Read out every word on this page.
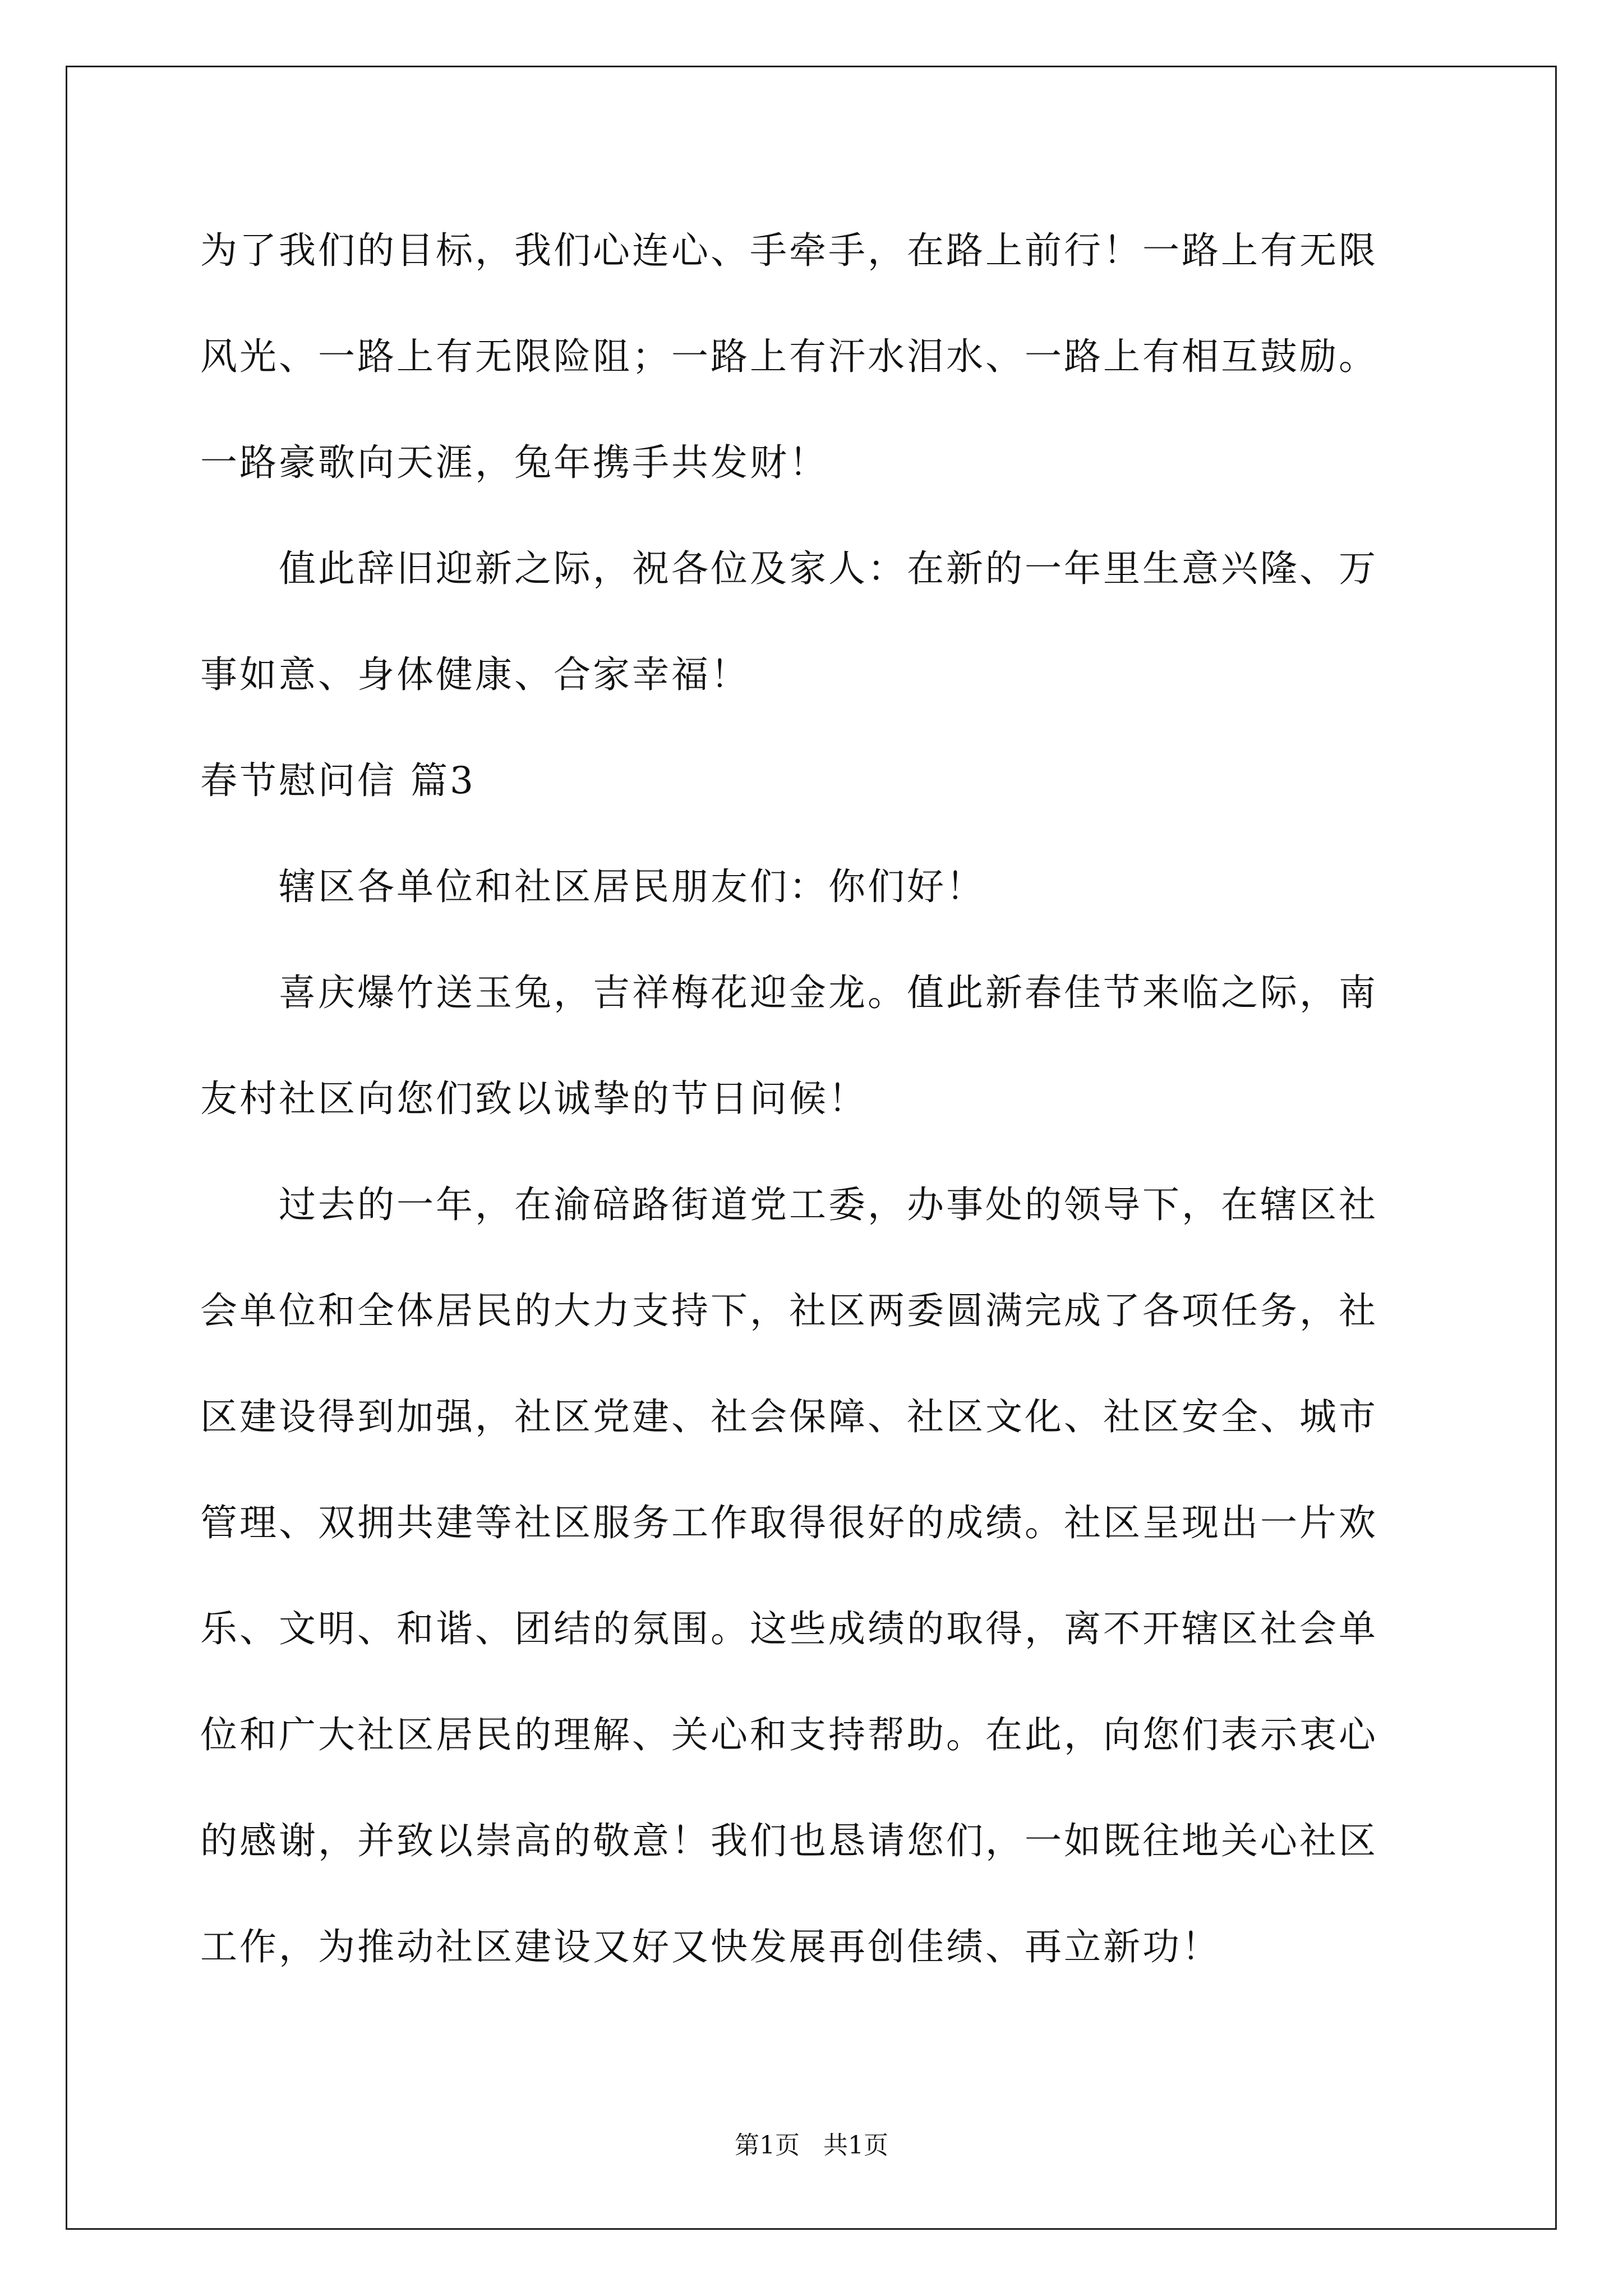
为了我们的目标，我们心连心、手牵手，在路上前行！一路上有无限
风光、一路上有无限险阻；一路上有汗水泪水、一路上有相互鼓励。
一路豪歌向天涯，兔年携手共发财！
值此辞旧迎新之际，祝各位及家人：在新的一年里生意兴隆、万
事如意、身体健康、合家幸福！
春节慰问信 篇3
辖区各单位和社区居民朋友们：你们好！
喜庆爆竹送玉兔，吉祥梅花迎金龙。值此新春佳节来临之际，南
友村社区向您们致以诚挚的节日问候！
过去的一年，在渝碚路街道党工委，办事处的领导下，在辖区社
会单位和全体居民的大力支持下，社区两委圆满完成了各项任务，社
区建设得到加强，社区党建、社会保障、社区文化、社区安全、城市
管理、双拥共建等社区服务工作取得很好的成绩。社区呈现出一片欢
乐、文明、和谐、团结的氛围。这些成绩的取得，离不开辖区社会单
位和广大社区居民的理解、关心和支持帮助。在此，向您们表示衷心
的感谢，并致以崇高的敬意！我们也恳请您们，一如既往地关心社区
工作，为推动社区建设又好又快发展再创佳绩、再立新功！
第1页   共1页
